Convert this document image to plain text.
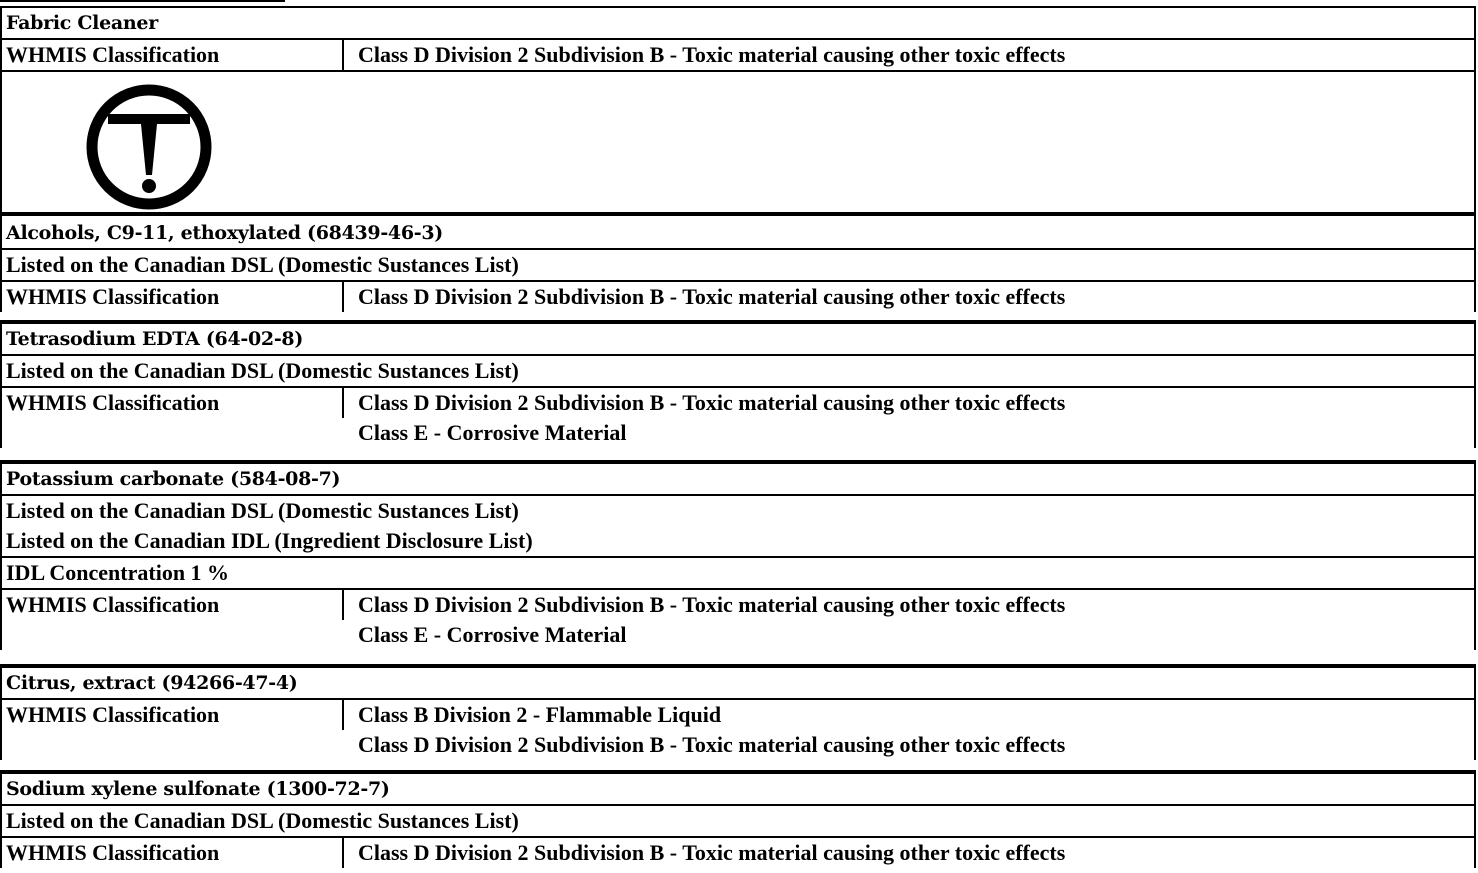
Fabric Cleaner
WHMIS Classification	Class D Division 2 Subdivision B - Toxic material causing other toxic effects
Alcohols, C9-11, ethoxylated (68439-46-3)
Listed on the Canadian DSL (Domestic Sustances List)
WHMIS Classification	Class D Division 2 Subdivision B - Toxic material causing other toxic effects
Tetrasodium EDTA (64-02-8)
Listed on the Canadian DSL (Domestic Sustances List)
WHMIS Classification	Class D Division 2 Subdivision B - Toxic material causing other toxic effects
Class E - Corrosive Material
Potassium carbonate (584-08-7)
Listed on the Canadian DSL (Domestic Sustances List)
Listed on the Canadian IDL (Ingredient Disclosure List)
IDL Concentration 1 %
WHMIS Classification	Class D Division 2 Subdivision B - Toxic material causing other toxic effects
Class E - Corrosive Material
Citrus, extract (94266-47-4)
WHMIS Classification	Class B Division 2 - Flammable Liquid
Class D Division 2 Subdivision B - Toxic material causing other toxic effects
Sodium xylene sulfonate (1300-72-7)
Listed on the Canadian DSL (Domestic Sustances List)
WHMIS Classification	Class D Division 2 Subdivision B - Toxic material causing other toxic effects
